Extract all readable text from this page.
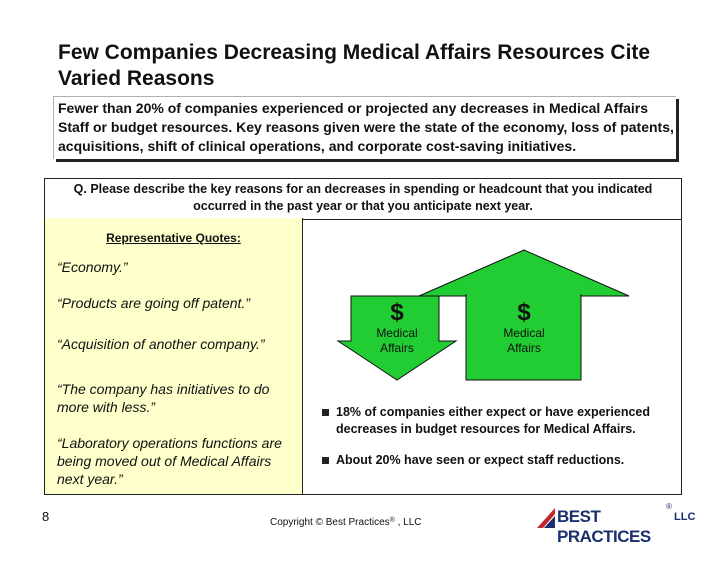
Few Companies Decreasing Medical Affairs Resources Cite Varied Reasons
Fewer than 20% of companies experienced or projected any decreases in Medical Affairs Staff or budget resources. Key reasons given were the state of the economy, loss of patents, acquisitions, shift of clinical operations, and corporate cost-saving initiatives.
Q. Please describe the key reasons for an decreases in spending or headcount that you indicated occurred in the past year or that you anticipate next year.
Representative Quotes:
“Economy.”
“Products are going off patent.”
“Acquisition of another company.”
“The company has initiatives to do more with less.”
“Laboratory operations functions are being moved out of Medical Affairs next year.”
$
Medical
Affairs
$
Medical
Affairs
18% of companies either expect or have experienced decreases in budget resources for Medical Affairs.
About 20% have seen or expect staff reductions.
8	Copyright © Best Practices® , LLC	BEST PRACTICES
®
LLC
